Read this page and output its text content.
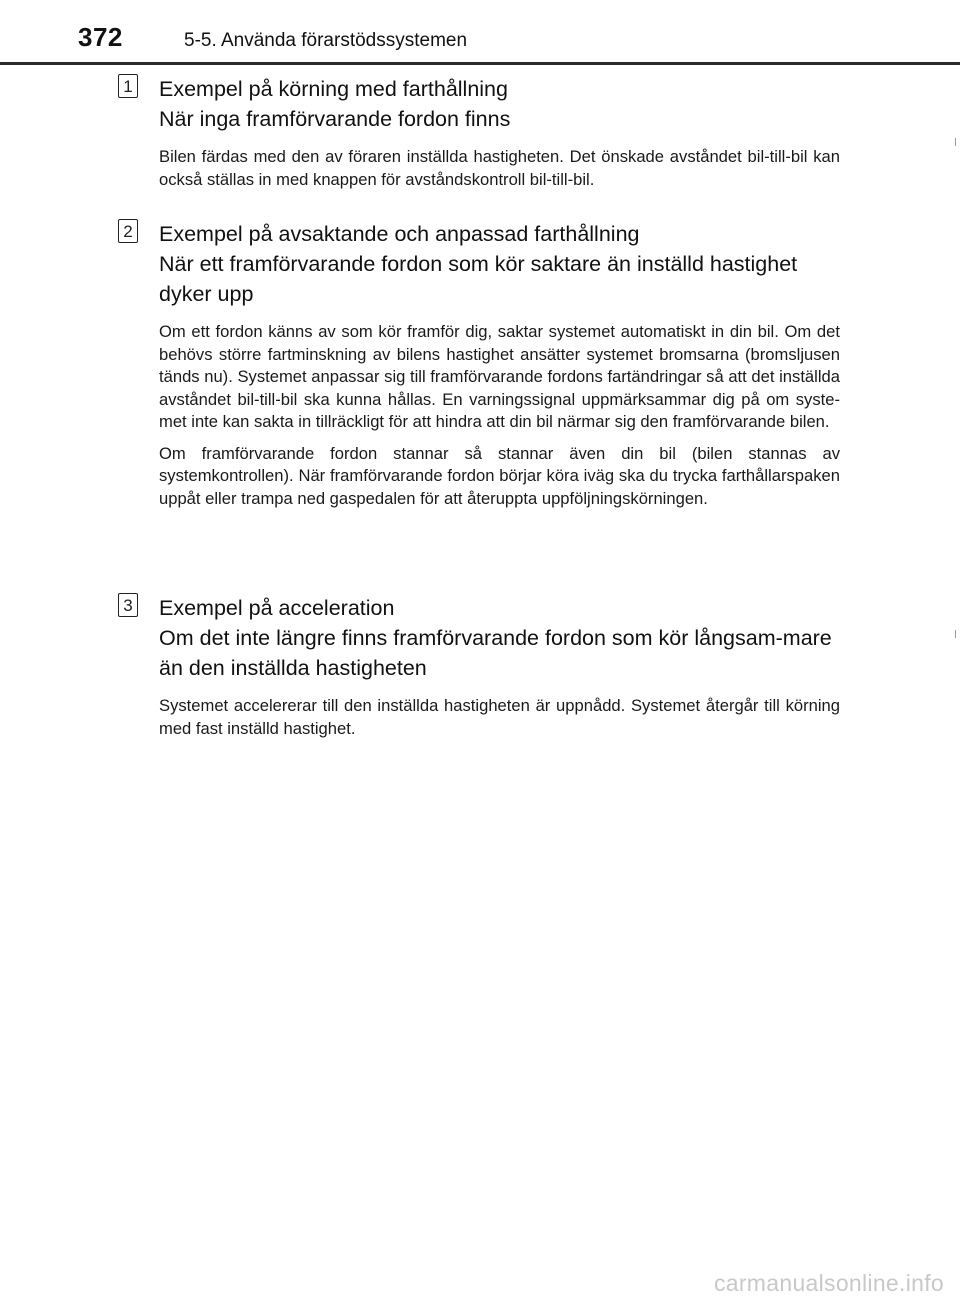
372	5-5. Använda förarstödssystemen
1 Exempel på körning med farthållning
När inga framförvarande fordon finns
Bilen färdas med den av föraren inställda hastigheten. Det önskade avståndet bil-till-bil kan också ställas in med knappen för avståndskontroll bil-till-bil.
2 Exempel på avsaktande och anpassad farthållning
När ett framförvarande fordon som kör saktare än inställd hastighet dyker upp
Om ett fordon känns av som kör framför dig, saktar systemet automatiskt in din bil. Om det behövs större fartminskning av bilens hastighet ansätter systemet bromsarna (bromsljusen tänds nu). Systemet anpassar sig till framförvarande fordons fartändringar så att det inställda avståndet bil-till-bil ska kunna hållas. En varningssignal uppmärksammar dig på om syste-met inte kan sakta in tillräckligt för att hindra att din bil närmar sig den framförvarande bilen.
Om framförvarande fordon stannar så stannar även din bil (bilen stannas av systemkontrollen). När framförvarande fordon börjar köra iväg ska du trycka farthållarspaken uppåt eller trampa ned gaspedalen för att återuppta uppföljningskörningen.
3 Exempel på acceleration
Om det inte längre finns framförvarande fordon som kör långsam-mare än den inställda hastigheten
Systemet accelererar till den inställda hastigheten är uppnådd. Systemet återgår till körning med fast inställd hastighet.
carmanualsonline.info
